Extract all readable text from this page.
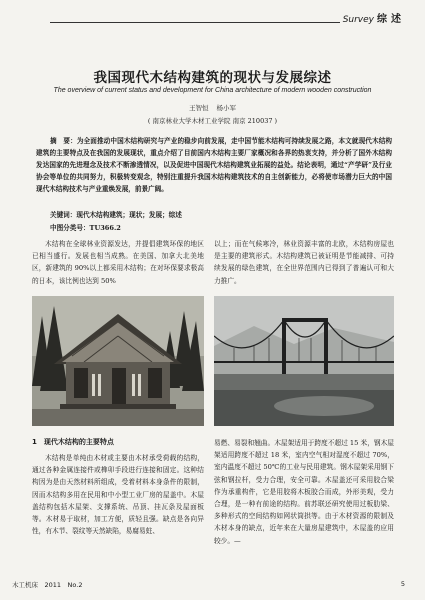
Survey 综述
我国现代木结构建筑的现状与发展综述
The overview of current status and development for China architecture of modern wooden construction
王智恒 杨小军
( 南京林业大学木材工业学院 南京 210037 )
摘　要：为全面推动中国木结构研究与产业的稳步向前发展，走中国节能木结构可持续发展之路，本文就现代木结构建筑的主要特点及在我国的发展现状，重点介绍了目前国内木结构主要厂家概况和各界的热衷支持，并分析了国外木结构发达国家的先进理念及技术不断渗透情况，以及促进中国现代木结构建筑业拓展的益处。结论表明，通过“产学研”及行业协会等单位的共同努力，积极转变观念，特别注重提升我国木结构建筑技术的自主创新能力，必将使市场潜力巨大的中国现代木结构技术与产业重焕发展，前景广阔。
关键词：现代木结构建筑；现状；发展；综述
中图分类号：TU366.2
木结构在全球林业资源发达，并提倡建筑环保的地区已相当盛行。发展也相当成熟。在美国、加拿大北美地区，新建筑的 90%以上都采用木结构；在对环保要求极高的日本，该比例也达到 50%
以上；而在气候寒冷，林业资源丰富的北欧，木结构房屋也是主要的建筑形式。木结构建筑已被证明是节能减排、可持续发展的绿色建筑，在全世界范围内已得到了普遍认可和大力推广。
1　现代木结构的主要特点
木结构是单纯由木材或主要由木材承受荷载的结构，通过各种金属连接件或榫卯手段进行连接和固定。这种结构因为是由天然材料所组成，受着材料本身条件的限制，因而木结构多用在民用和中小型工业厂房的屋盖中。木屋盖结构包括木屋架、支撑系统、吊顶、挂瓦条及屋面板等。木材易于取材，加工方便，质轻且强。缺点是各向异性，有木节、裂纹等天然缺陷，易腐易蛀、
易燃、易裂和翘曲。木屋架适用于跨度不超过 15 米，钢木屋架适用跨度不超过 18 米，室内空气相对湿度不超过 70%，室内温度不超过 50℃的工业与民用建筑。钢木屋架采用钢下弦和钢拉杆，受力合理，安全可靠。木屋盖还可采用胶合梁作为承重构件，它是用胶将木板胶合而成，外形美观，受力合理，是一种有前途的结构。前苏联还研究使用过板肋梁、多种形式的空间结构如网状筒拱等。由于木材资源的限制及木材本身的缺点，近年来在大量房屋建筑中，木屋盖的应用较少。—
木工机床　2011　No.2	5
